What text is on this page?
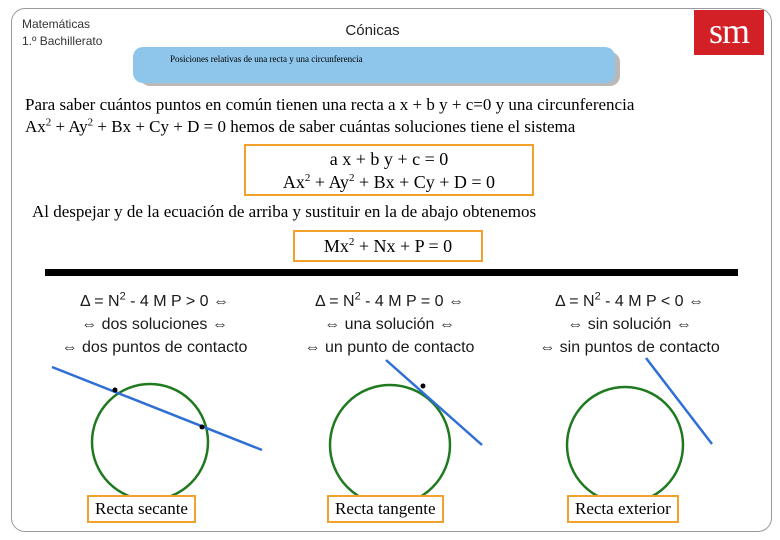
Matemáticas
1.º Bachillerato
Cónicas	sm
Posiciones relativas de una recta y una circunferencia
Para saber cuántos puntos en común tienen una recta a x + b y + c=0 y una circunferencia
$Ax^2 + Ay^2 + Bx + Cy + D = 0$ hemos de saber cuántas soluciones tiene el sistema
a x + b y + c = 0
$Ax^2 + Ay^2 + Bx + Cy + D = 0$
Al despejar y de la ecuación de arriba y sustituir en la de abajo obtenemos
$Mx^2 + Nx + P = 0$
$\Delta = N^2 - 4$ M P > 0 ⇔
⇔ dos soluciones ⇔
⇔ dos puntos de contacto
$\Delta = N^2 - 4$ M P = 0 ⇔
⇔ una solución ⇔
⇔ un punto de contacto
$\Delta = N^2 - 4$ M P < 0 ⇔
⇔ sin solución ⇔
⇔ sin puntos de contacto
Recta secante	Recta tangente	Recta exterior
